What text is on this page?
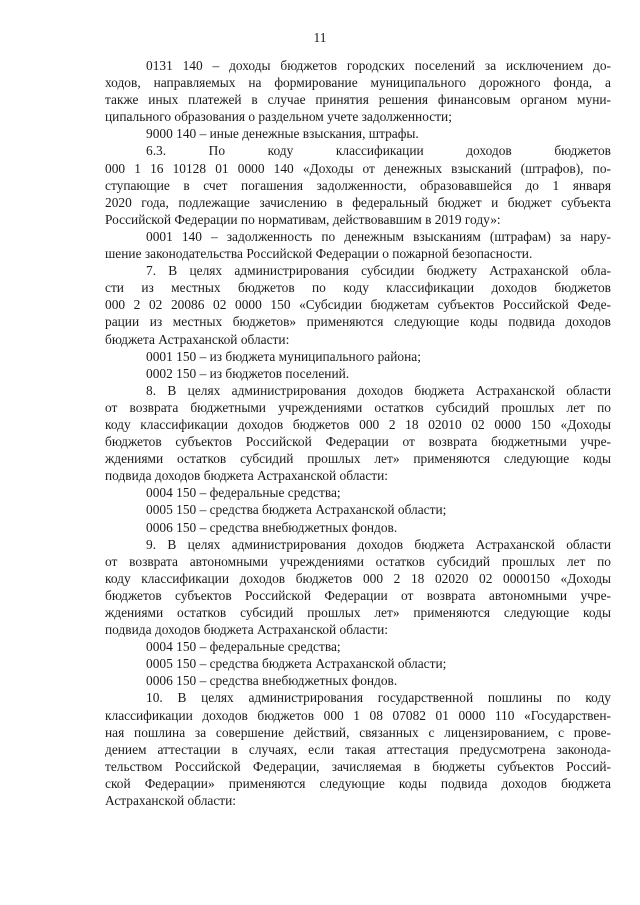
11
0131 140 – доходы бюджетов городских поселений за исключением до-
ходов, направляемых на формирование муниципального дорожного фонда, а
также иных платежей в случае принятия решения финансовым органом муни-
ципального образования о раздельном учете задолженности;
9000 140 – иные денежные взыскания, штрафы.
6.3. По коду классификации доходов бюджетов
000 1 16 10128 01 0000 140 «Доходы от денежных взысканий (штрафов), по-
ступающие в счет погашения задолженности, образовавшейся до 1 января
2020 года, подлежащие зачислению в федеральный бюджет и бюджет субъекта
Российской Федерации по нормативам, действовавшим в 2019 году»:
0001 140 – задолженность по денежным взысканиям (штрафам) за нару-
шение законодательства Российской Федерации о пожарной безопасности.
7. В целях администрирования субсидии бюджету Астраханской обла-
сти из местных бюджетов по коду классификации доходов бюджетов
000 2 02 20086 02 0000 150 «Субсидии бюджетам субъектов Российской Феде-
рации из местных бюджетов» применяются следующие коды подвида доходов
бюджета Астраханской области:
0001 150 – из бюджета муниципального района;
0002 150 – из бюджетов поселений.
8. В целях администрирования доходов бюджета Астраханской области
от возврата бюджетными учреждениями остатков субсидий прошлых лет по
коду классификации доходов бюджетов 000 2 18 02010 02 0000 150 «Доходы
бюджетов субъектов Российской Федерации от возврата бюджетными учре-
ждениями остатков субсидий прошлых лет» применяются следующие коды
подвида доходов бюджета Астраханской области:
0004 150 – федеральные средства;
0005 150 – средства бюджета Астраханской области;
0006 150 – средства внебюджетных фондов.
9. В целях администрирования доходов бюджета Астраханской области
от возврата автономными учреждениями остатков субсидий прошлых лет по
коду классификации доходов бюджетов 000 2 18 02020 02 0000150 «Доходы
бюджетов субъектов Российской Федерации от возврата автономными учре-
ждениями остатков субсидий прошлых лет» применяются следующие коды
подвида доходов бюджета Астраханской области:
0004 150 – федеральные средства;
0005 150 – средства бюджета Астраханской области;
0006 150 – средства внебюджетных фондов.
10. В целях администрирования государственной пошлины по коду
классификации доходов бюджетов 000 1 08 07082 01 0000 110 «Государствен-
ная пошлина за совершение действий, связанных с лицензированием, с прове-
дением аттестации в случаях, если такая аттестация предусмотрена законода-
тельством Российской Федерации, зачисляемая в бюджеты субъектов Россий-
ской Федерации» применяются следующие коды подвида доходов бюджета
Астраханской области:
